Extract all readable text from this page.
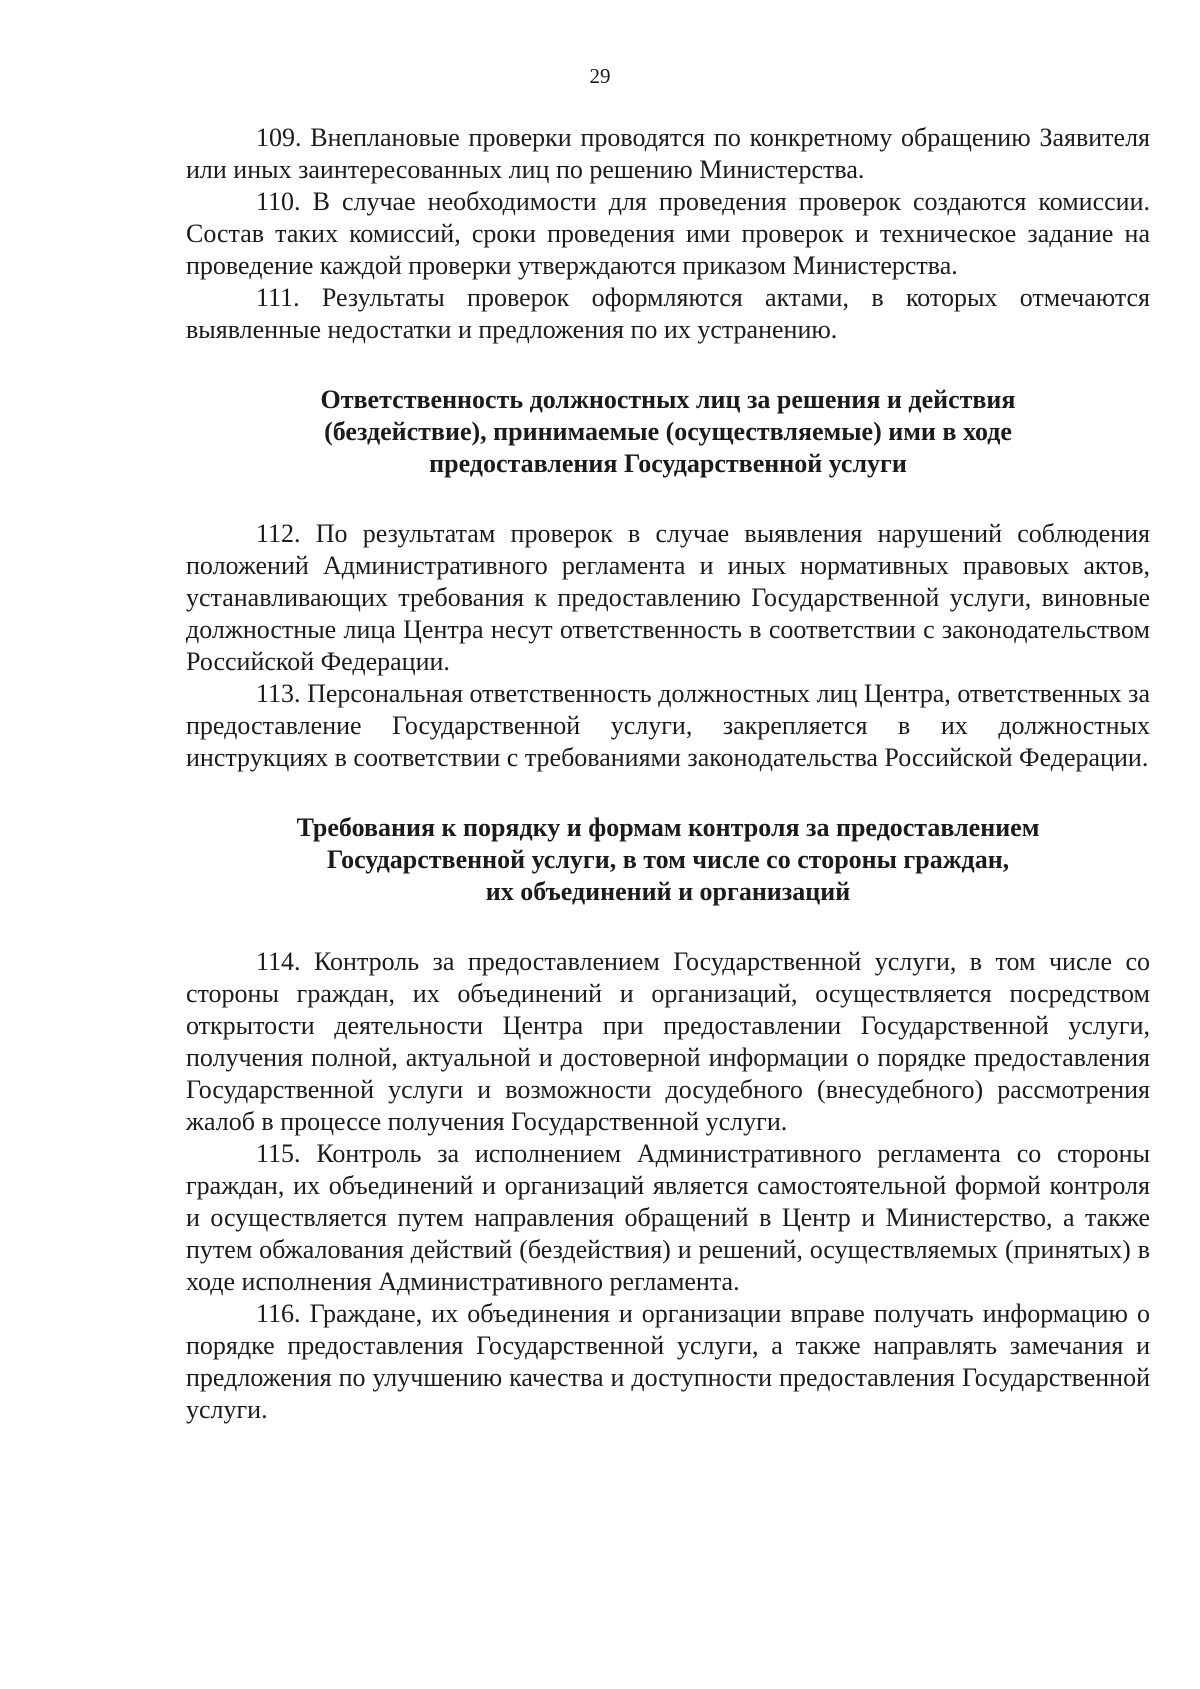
29

109. Внеплановые проверки проводятся по конкретному обращению Заявителя или иных заинтересованных лиц по решению Министерства.

110. В случае необходимости для проведения проверок создаются комиссии. Состав таких комиссий, сроки проведения ими проверок и техническое задание на проведение каждой проверки утверждаются приказом Министерства.

111. Результаты проверок оформляются актами, в которых отмечаются выявленные недостатки и предложения по их устранению.

Ответственность должностных лиц за решения и действия
(бездействие), принимаемые (осуществляемые) ими в ходе
предоставления Государственной услуги

112. По результатам проверок в случае выявления нарушений соблюдения положений Административного регламента и иных нормативных правовых актов, устанавливающих требования к предоставлению Государственной услуги, виновные должностные лица Центра несут ответственность в соответствии с законодательством Российской Федерации.

113. Персональная ответственность должностных лиц Центра, ответственных за предоставление Государственной услуги, закрепляется в их должностных инструкциях в соответствии с требованиями законодательства Российской Федерации.

Требования к порядку и формам контроля за предоставлением
Государственной услуги, в том числе со стороны граждан,
их объединений и организаций

114. Контроль за предоставлением Государственной услуги, в том числе со стороны граждан, их объединений и организаций, осуществляется посредством открытости деятельности Центра при предоставлении Государственной услуги, получения полной, актуальной и достоверной информации о порядке предоставления Государственной услуги и возможности досудебного (внесудебного) рассмотрения жалоб в процессе получения Государственной услуги.

115. Контроль за исполнением Административного регламента со стороны граждан, их объединений и организаций является самостоятельной формой контроля и осуществляется путем направления обращений в Центр и Министерство, а также путем обжалования действий (бездействия) и решений, осуществляемых (принятых) в ходе исполнения Административного регламента.

116. Граждане, их объединения и организации вправе получать информацию о порядке предоставления Государственной услуги, а также направлять замечания и предложения по улучшению качества и доступности предоставления Государственной услуги.
